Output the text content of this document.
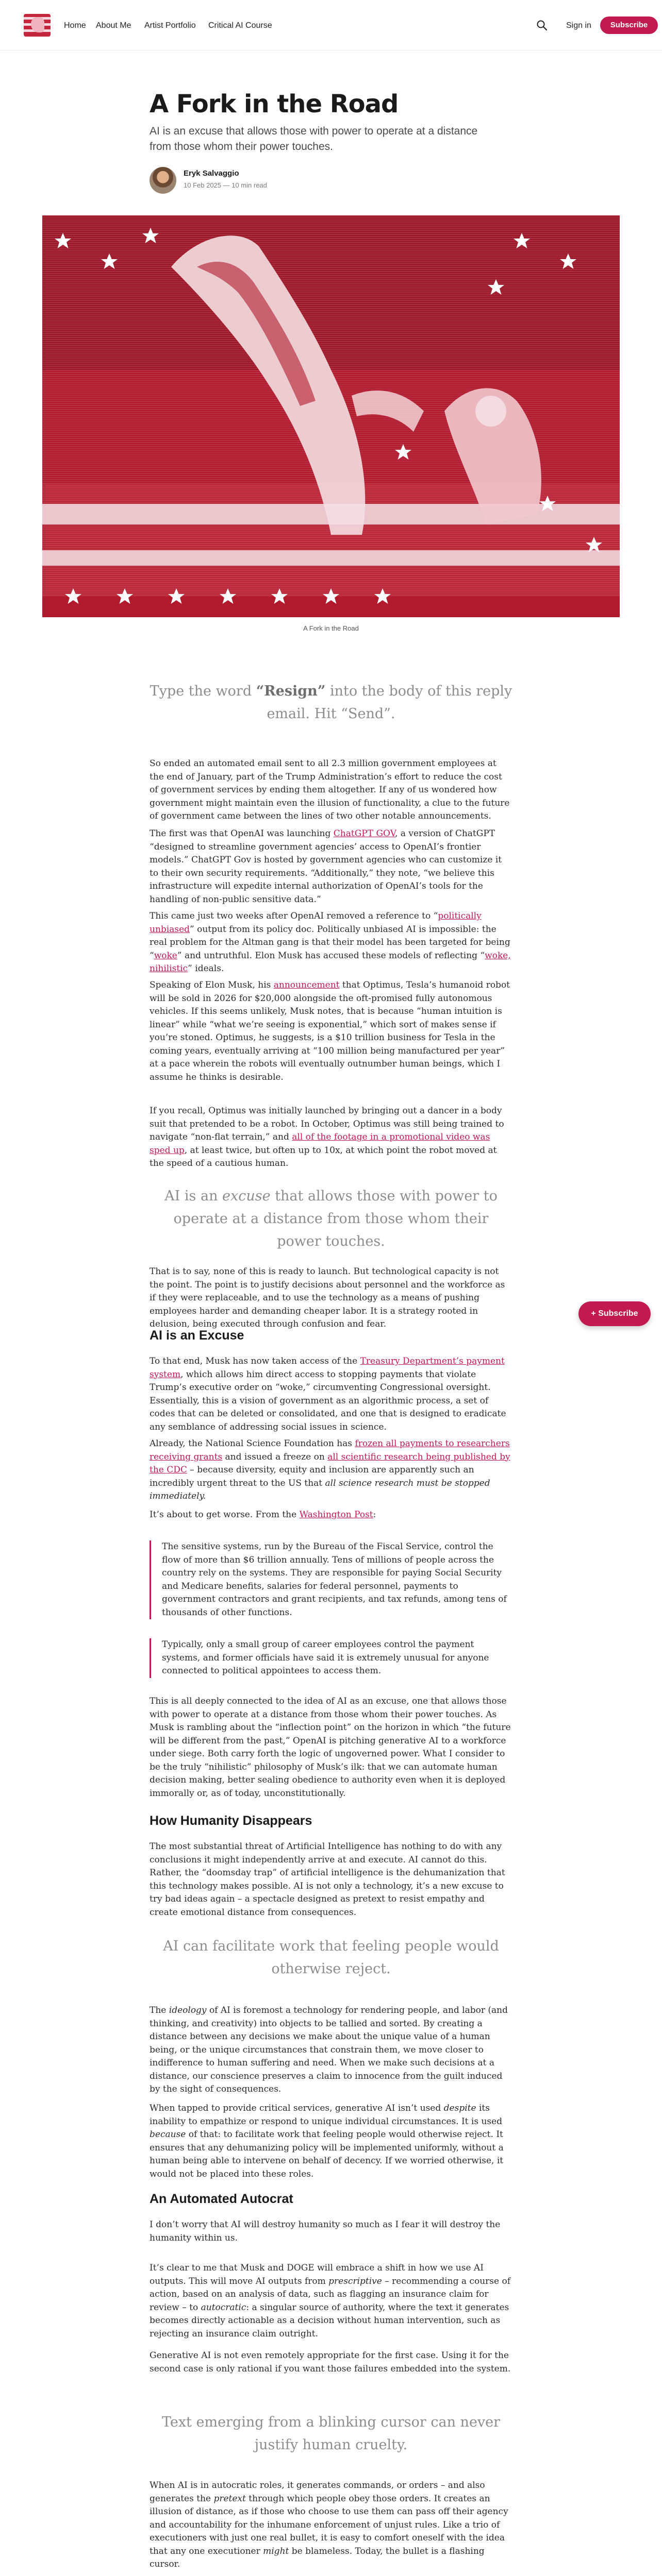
Home About Me Artist Portfolio Critical AI Course	Sign in	Subscribe
A Fork in the Road

AI is an excuse that allows those with power to operate at a distance from those whom their power touches.

Eryk Salvaggio
10 Feb 2025 — 10 min read
A Fork in the Road

Type the word “Resign” into the body of this reply email. Hit “Send”.

So ended an automated email sent to all 2.3 million government employees at the end of January, part of the Trump Administration’s effort to reduce the cost of government services by ending them altogether. If any of us wondered how government might maintain even the illusion of functionality, a clue to the future of government came between the lines of two other notable announcements.

The first was that OpenAI was launching ChatGPT GOV, a version of ChatGPT “designed to streamline government agencies’ access to OpenAI’s frontier models.” ChatGPT Gov is hosted by government agencies who can customize it to their own security requirements. “Additionally,” they note, “we believe this infrastructure will expedite internal authorization of OpenAI’s tools for the handling of non-public sensitive data.”

This came just two weeks after OpenAI removed a reference to “politically unbiased” output from its policy doc. Politically unbiased AI is impossible: the real problem for the Altman gang is that their model has been targeted for being “woke” and untruthful. Elon Musk has accused these models of reflecting “woke, nihilistic” ideals.

Speaking of Elon Musk, his announcement that Optimus, Tesla’s humanoid robot will be sold in 2026 for $20,000 alongside the oft-promised fully autonomous vehicles. If this seems unlikely, Musk notes, that is because “human intuition is linear” while “what we’re seeing is exponential,” which sort of makes sense if you’re stoned. Optimus, he suggests, is a $10 trillion business for Tesla in the coming years, eventually arriving at “100 million being manufactured per year” at a pace wherein the robots will eventually outnumber human beings, which I assume he thinks is desirable.

If you recall, Optimus was initially launched by bringing out a dancer in a body suit that pretended to be a robot. In October, Optimus was still being trained to navigate “non-flat terrain,” and all of the footage in a promotional video was sped up, at least twice, but often up to 10x, at which point the robot moved at the speed of a cautious human.

AI is an excuse that allows those with power to operate at a distance from those whom their power touches.

That is to say, none of this is ready to launch. But technological capacity is not the point. The point is to justify decisions about personnel and the workforce as if they were replaceable, and to use the technology as a means of pushing employees harder and demanding cheaper labor. It is a strategy rooted in delusion, being executed through confusion and fear.

AI is an Excuse

To that end, Musk has now taken access of the Treasury Department’s payment system, which allows him direct access to stopping payments that violate Trump’s executive order on “woke,” circumventing Congressional oversight. Essentially, this is a vision of government as an algorithmic process, a set of codes that can be deleted or consolidated, and one that is designed to eradicate any semblance of addressing social issues in science.

Already, the National Science Foundation has frozen all payments to researchers receiving grants and issued a freeze on all scientific research being published by the CDC – because diversity, equity and inclusion are apparently such an incredibly urgent threat to the US that all science research must be stopped immediately.

It’s about to get worse. From the Washington Post:

The sensitive systems, run by the Bureau of the Fiscal Service, control the flow of more than $6 trillion annually. Tens of millions of people across the country rely on the systems. They are responsible for paying Social Security and Medicare benefits, salaries for federal personnel, payments to government contractors and grant recipients, and tax refunds, among tens of thousands of other functions.
Typically, only a small group of career employees control the payment systems, and former officials have said it is extremely unusual for anyone connected to political appointees to access them.

This is all deeply connected to the idea of AI as an excuse, one that allows those with power to operate at a distance from those whom their power touches. As Musk is rambling about the “inflection point” on the horizon in which “the future will be different from the past,” OpenAI is pitching generative AI to a workforce under siege. Both carry forth the logic of ungoverned power. What I consider to be the truly “nihilistic” philosophy of Musk’s ilk: that we can automate human decision making, better sealing obedience to authority even when it is deployed immorally or, as of today, unconstitutionally.

How Humanity Disappears

The most substantial threat of Artificial Intelligence has nothing to do with any conclusions it might independently arrive at and execute. AI cannot do this. Rather, the “doomsday trap” of artificial intelligence is the dehumanization that this technology makes possible. AI is not only a technology, it’s a new excuse to try bad ideas again – a spectacle designed as pretext to resist empathy and create emotional distance from consequences.

AI can facilitate work that feeling people would otherwise reject.

The ideology of AI is foremost a technology for rendering people, and labor (and thinking, and creativity) into objects to be tallied and sorted. By creating a distance between any decisions we make about the unique value of a human being, or the unique circumstances that constrain them, we move closer to indifference to human suffering and need. When we make such decisions at a distance, our conscience preserves a claim to innocence from the guilt induced by the sight of consequences.

When tapped to provide critical services, generative AI isn’t used despite its inability to empathize or respond to unique individual circumstances. It is used because of that: to facilitate work that feeling people would otherwise reject. It ensures that any dehumanizing policy will be implemented uniformly, without a human being able to intervene on behalf of decency. If we worried otherwise, it would not be placed into these roles.

An Automated Autocrat

I don’t worry that AI will destroy humanity so much as I fear it will destroy the humanity within us.

It’s clear to me that Musk and DOGE will embrace a shift in how we use AI outputs. This will move AI outputs from prescriptive – recommending a course of action, based on an analysis of data, such as flagging an insurance claim for review – to autocratic: a singular source of authority, where the text it generates becomes directly actionable as a decision without human intervention, such as rejecting an insurance claim outright.

Generative AI is not even remotely appropriate for the first case. Using it for the second case is only rational if you want those failures embedded into the system.

Text emerging from a blinking cursor can never justify human cruelty.

When AI is in autocratic roles, it generates commands, or orders – and also generates the pretext through which people obey those orders. It creates an illusion of distance, as if those who choose to use them can pass off their agency and accountability for the inhumane enforcement of unjust rules. Like a trio of executioners with just one real bullet, it is easy to comfort oneself with the idea that any one executioner might be blameless. Today, the bullet is a flashing cursor.

+ Subscribe
